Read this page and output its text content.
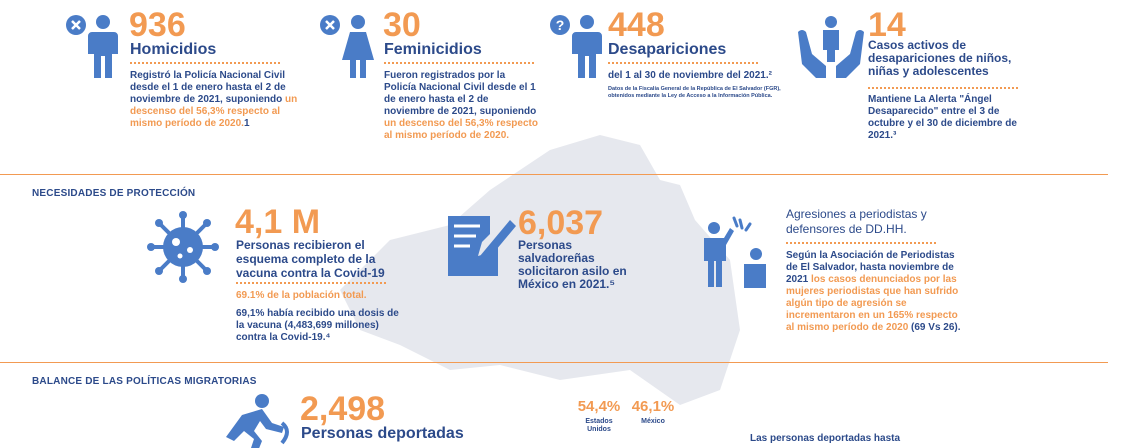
936
Homicidios
Registró la Policía Nacional Civil desde el 1 de enero hasta el 2 de noviembre de 2021, suponiendo un descenso del 56,3% respecto al mismo período de 2020.1
30
Feminicidios
Fueron registrados por la Policía Nacional Civil desde el 1 de enero hasta el 2 de noviembre de 2021, suponiendo un descenso del 56,3% respecto al mismo período de 2020.
? 448
Desapariciones
del 1 al 30 de noviembre del 2021.²
Datos de la Fiscalía General de la República de El Salvador (FGR), obtenidos mediante la Ley de Acceso a la Información Pública.
14
Casos activos de desapariciones de niños, niñas y adolescentes
Mantiene La Alerta "Ángel Desaparecido" entre el 3 de octubre y el 30 de diciembre de 2021.³
NECESIDADES DE PROTECCIÓN
4,1 M
Personas recibieron el esquema completo de la vacuna contra la Covid-19
69.1% de la población total.
69,1% había recibido una dosis de la vacuna (4,483,699 millones) contra la Covid-19.⁴
6,037
Personas salvadoreñas solicitaron asilo en México en 2021.⁵
Agresiones a periodistas y defensores de DD.HH.
Según la Asociación de Periodistas de El Salvador, hasta noviembre de 2021 los casos denunciados por las mujeres periodistas que han sufrido algún tipo de agresión se incrementaron en un 165% respecto al mismo período de 2020 (69 Vs 26).
BALANCE DE LAS POLÍTICAS MIGRATORIAS
2,498
Personas deportadas
54,4%
Estados Unidos
46,1%
México
Las personas deportadas hasta
